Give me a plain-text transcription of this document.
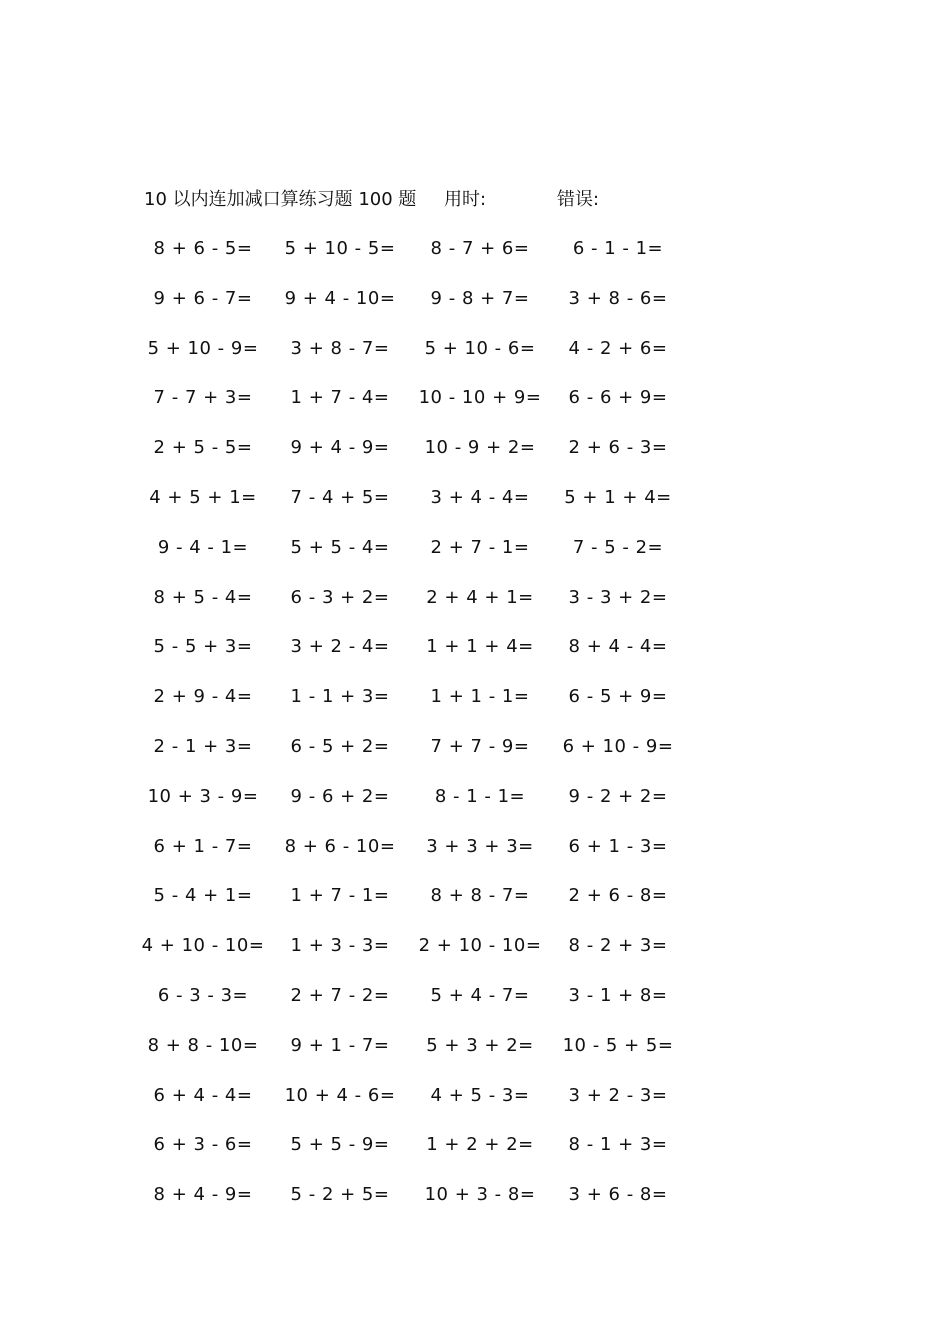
10 以内连加减口算练习题 100 题 用时:	错误:
8 + 6 - 5=	5 + 10 - 5=	8 - 7 + 6=	6 - 1 - 1=
9 + 6 - 7=	9 + 4 - 10=	9 - 8 + 7=	3 + 8 - 6=
5 + 10 - 9=	3 + 8 - 7=	5 + 10 - 6=	4 - 2 + 6=
7 - 7 + 3=	1 + 7 - 4=	10 - 10 + 9=	6 - 6 + 9=
2 + 5 - 5=	9 + 4 - 9=	10 - 9 + 2=	2 + 6 - 3=
4 + 5 + 1=	7 - 4 + 5=	3 + 4 - 4=	5 + 1 + 4=
9 - 4 - 1=	5 + 5 - 4=	2 + 7 - 1=	7 - 5 - 2=
8 + 5 - 4=	6 - 3 + 2=	2 + 4 + 1=	3 - 3 + 2=
5 - 5 + 3=	3 + 2 - 4=	1 + 1 + 4=	8 + 4 - 4=
2 + 9 - 4=	1 - 1 + 3=	1 + 1 - 1=	6 - 5 + 9=
2 - 1 + 3=	6 - 5 + 2=	7 + 7 - 9=	6 + 10 - 9=
10 + 3 - 9=	9 - 6 + 2=	8 - 1 - 1=	9 - 2 + 2=
6 + 1 - 7=	8 + 6 - 10=	3 + 3 + 3=	6 + 1 - 3=
5 - 4 + 1=	1 + 7 - 1=	8 + 8 - 7=	2 + 6 - 8=
4 + 10 - 10=	1 + 3 - 3=	2 + 10 - 10=	8 - 2 + 3=
6 - 3 - 3=	2 + 7 - 2=	5 + 4 - 7=	3 - 1 + 8=
8 + 8 - 10=	9 + 1 - 7=	5 + 3 + 2=	10 - 5 + 5=
6 + 4 - 4=	10 + 4 - 6=	4 + 5 - 3=	3 + 2 - 3=
6 + 3 - 6=	5 + 5 - 9=	1 + 2 + 2=	8 - 1 + 3=
8 + 4 - 9=	5 - 2 + 5=	10 + 3 - 8=	3 + 6 - 8=
